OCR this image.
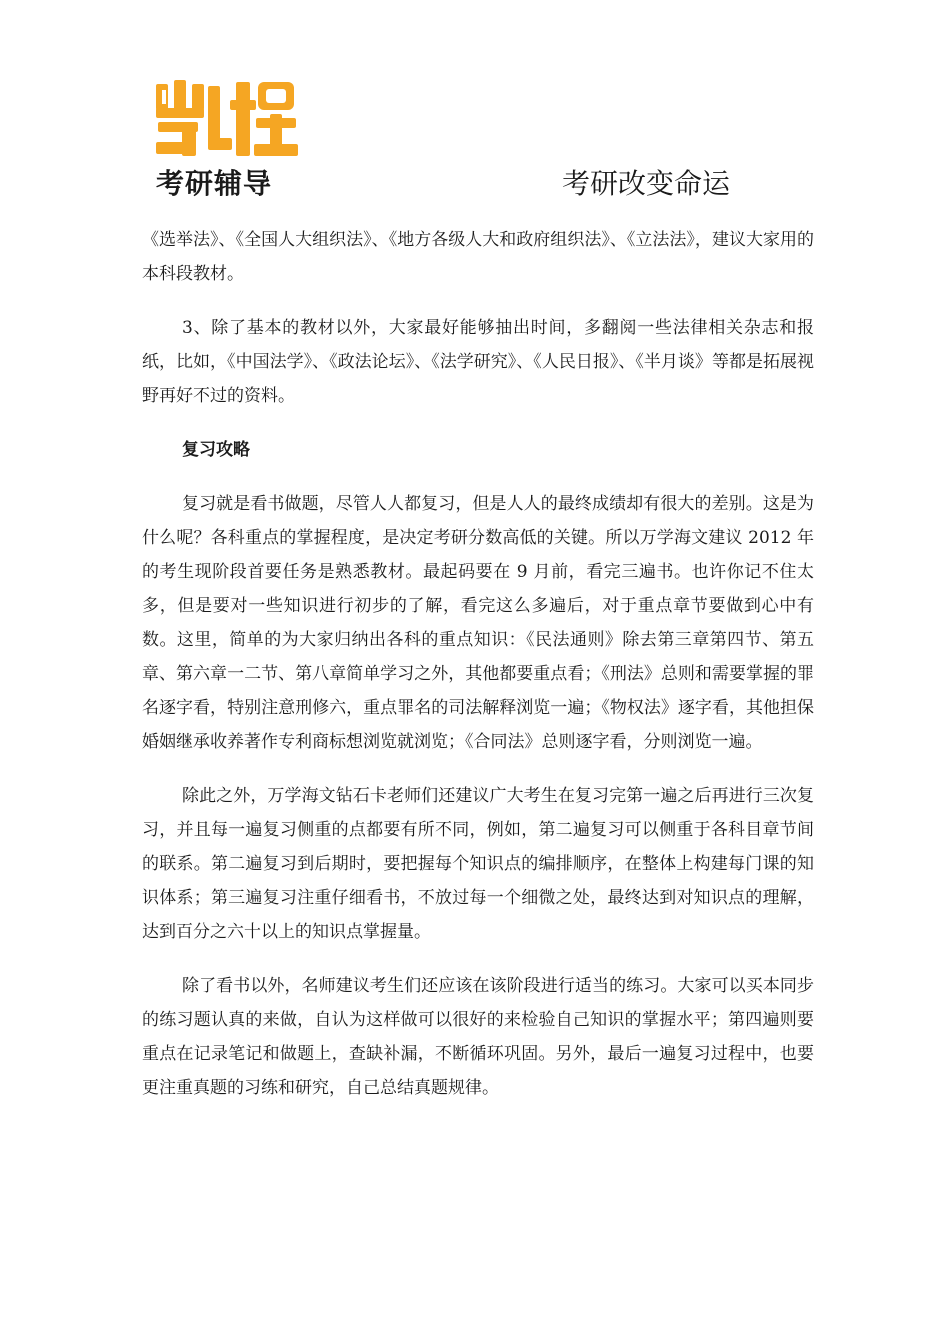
考研辅导	考研改变命运

《选举法》、《全国人大组织法》、《地方各级人大和政府组织法》、《立法法》，建议大家用的本科段教材。

3、除了基本的教材以外，大家最好能够抽出时间，多翻阅一些法律相关杂志和报纸，比如，《中国法学》、《政法论坛》、《法学研究》、《人民日报》、《半月谈》等都是拓展视野再好不过的资料。

复习攻略

复习就是看书做题，尽管人人都复习，但是人人的最终成绩却有很大的差别。这是为什么呢？各科重点的掌握程度，是决定考研分数高低的关键。所以万学海文建议 2012 年的考生现阶段首要任务是熟悉教材。最起码要在 9 月前，看完三遍书。也许你记不住太多，但是要对一些知识进行初步的了解，看完这么多遍后，对于重点章节要做到心中有数。这里，简单的为大家归纳出各科的重点知识：《民法通则》除去第三章第四节、第五章、第六章一二节、第八章简单学习之外，其他都要重点看；《刑法》总则和需要掌握的罪名逐字看，特别注意刑修六，重点罪名的司法解释浏览一遍；《物权法》逐字看，其他担保婚姻继承收养著作专利商标想浏览就浏览；《合同法》总则逐字看，分则浏览一遍。

除此之外，万学海文钻石卡老师们还建议广大考生在复习完第一遍之后再进行三次复习，并且每一遍复习侧重的点都要有所不同，例如，第二遍复习可以侧重于各科目章节间的联系。第二遍复习到后期时，要把握每个知识点的编排顺序，在整体上构建每门课的知识体系；第三遍复习注重仔细看书，不放过每一个细微之处，最终达到对知识点的理解，达到百分之六十以上的知识点掌握量。

除了看书以外，名师建议考生们还应该在该阶段进行适当的练习。大家可以买本同步的练习题认真的来做，自认为这样做可以很好的来检验自己知识的掌握水平；第四遍则要重点在记录笔记和做题上，查缺补漏，不断循环巩固。另外，最后一遍复习过程中，也要更注重真题的习练和研究，自己总结真题规律。
